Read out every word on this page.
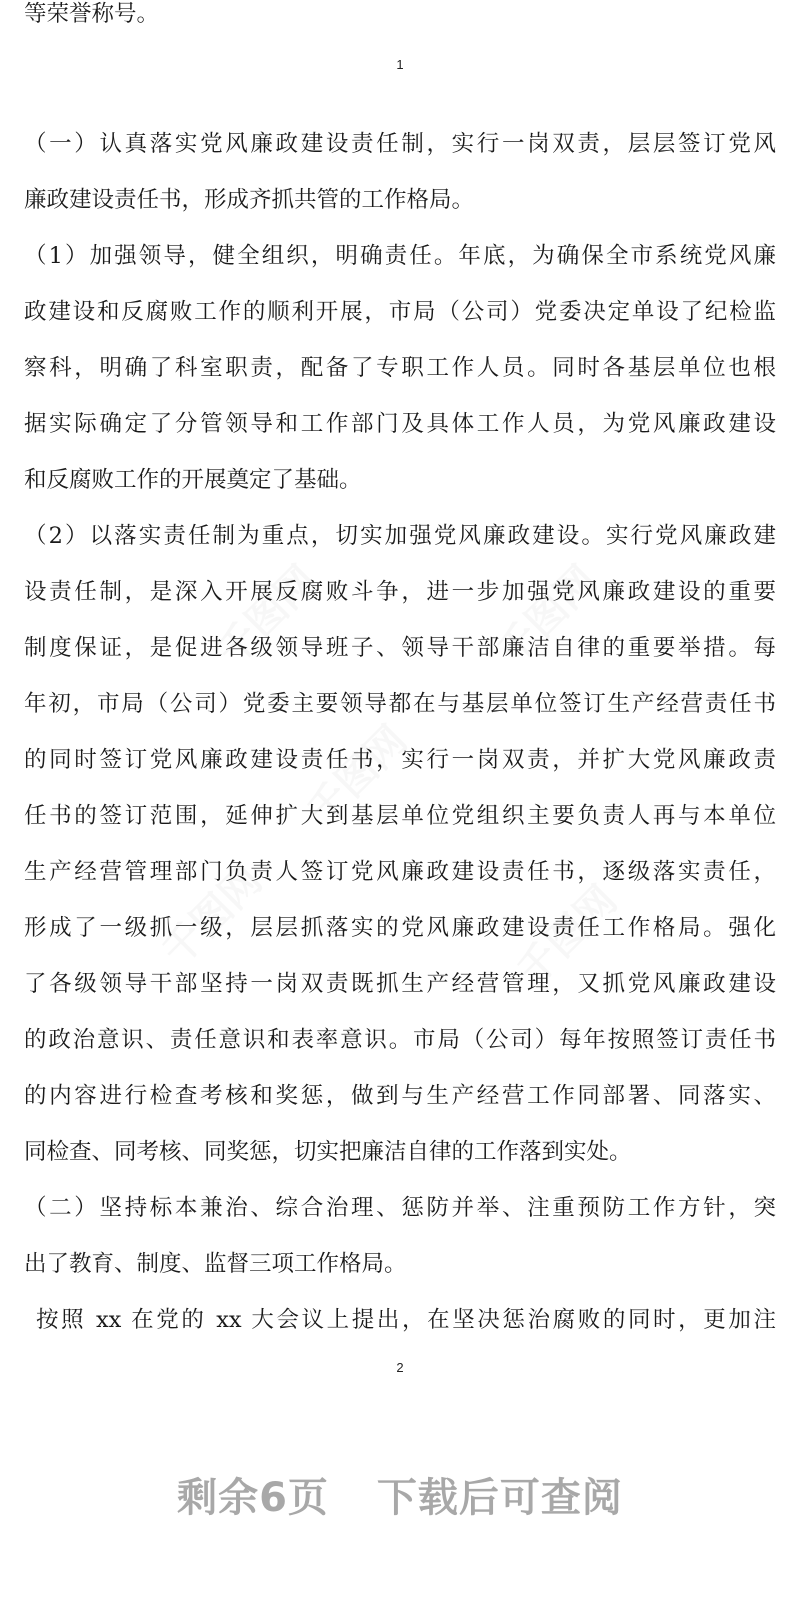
千图网	千图网
千图网
千图网	千图网
等荣誉称号。
1
（一）认真落实党风廉政建设责任制，实行一岗双责，层层签订党风
廉政建设责任书，形成齐抓共管的工作格局。
（1）加强领导，健全组织，明确责任。年底，为确保全市系统党风廉
政建设和反腐败工作的顺利开展，市局（公司）党委决定单设了纪检监
察科，明确了科室职责，配备了专职工作人员。同时各基层单位也根
据实际确定了分管领导和工作部门及具体工作人员，为党风廉政建设
和反腐败工作的开展奠定了基础。
（2）以落实责任制为重点，切实加强党风廉政建设。实行党风廉政建
设责任制，是深入开展反腐败斗争，进一步加强党风廉政建设的重要
制度保证，是促进各级领导班子、领导干部廉洁自律的重要举措。每
年初，市局（公司）党委主要领导都在与基层单位签订生产经营责任书
的同时签订党风廉政建设责任书，实行一岗双责，并扩大党风廉政责
任书的签订范围，延伸扩大到基层单位党组织主要负责人再与本单位
生产经营管理部门负责人签订党风廉政建设责任书，逐级落实责任，
形成了一级抓一级，层层抓落实的党风廉政建设责任工作格局。强化
了各级领导干部坚持一岗双责既抓生产经营管理，又抓党风廉政建设
的政治意识、责任意识和表率意识。市局（公司）每年按照签订责任书
的内容进行检查考核和奖惩，做到与生产经营工作同部署、同落实、
同检查、同考核、同奖惩，切实把廉洁自律的工作落到实处。
（二）坚持标本兼治、综合治理、惩防并举、注重预防工作方针，突
出了教育、制度、监督三项工作格局。
按照 xx 在党的 xx 大会议上提出，在坚决惩治腐败的同时，更加注
2
剩余6页 下载后可查阅
